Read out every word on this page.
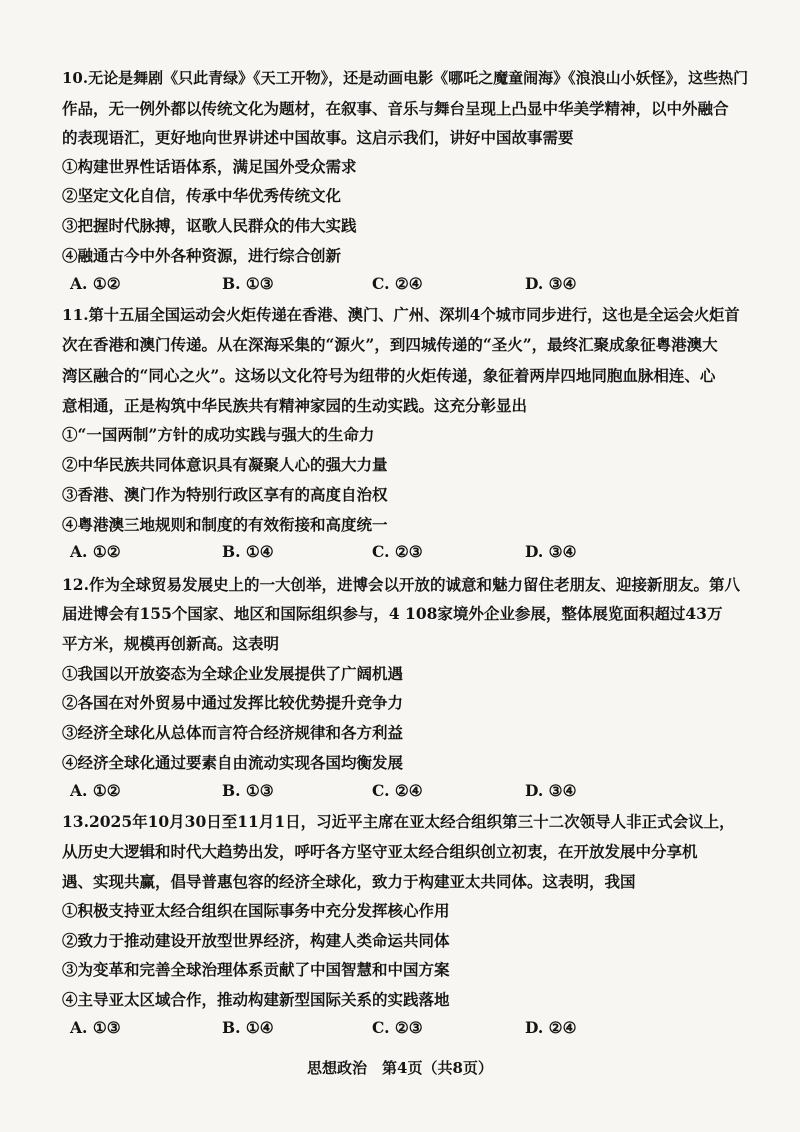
10.无论是舞剧《只此青绿》《天工开物》，还是动画电影《哪吒之魔童闹海》《浪浪山小妖怪》，这些热门
作品，无一例外都以传统文化为题材，在叙事、音乐与舞台呈现上凸显中华美学精神，以中外融合
的表现语汇，更好地向世界讲述中国故事。这启示我们，讲好中国故事需要
①构建世界性话语体系，满足国外受众需求
②坚定文化自信，传承中华优秀传统文化
③把握时代脉搏，讴歌人民群众的伟大实践
④融通古今中外各种资源，进行综合创新
A. ①②	B. ①③	C. ②④	D. ③④
11.第十五届全国运动会火炬传递在香港、澳门、广州、深圳4个城市同步进行，这也是全运会火炬首
次在香港和澳门传递。从在深海采集的“源火”，到四城传递的“圣火”，最终汇聚成象征粤港澳大
湾区融合的“同心之火”。这场以文化符号为纽带的火炬传递，象征着两岸四地同胞血脉相连、心
意相通，正是构筑中华民族共有精神家园的生动实践。这充分彰显出
①“一国两制”方针的成功实践与强大的生命力
②中华民族共同体意识具有凝聚人心的强大力量
③香港、澳门作为特别行政区享有的高度自治权
④粤港澳三地规则和制度的有效衔接和高度统一
A. ①②	B. ①④	C. ②③	D. ③④
12.作为全球贸易发展史上的一大创举，进博会以开放的诚意和魅力留住老朋友、迎接新朋友。第八
届进博会有155个国家、地区和国际组织参与，4 108家境外企业参展，整体展览面积超过43万
平方米，规模再创新高。这表明
①我国以开放姿态为全球企业发展提供了广阔机遇
②各国在对外贸易中通过发挥比较优势提升竞争力
③经济全球化从总体而言符合经济规律和各方利益
④经济全球化通过要素自由流动实现各国均衡发展
A. ①②	B. ①③	C. ②④	D. ③④
13.2025年10月30日至11月1日，习近平主席在亚太经合组织第三十二次领导人非正式会议上，
从历史大逻辑和时代大趋势出发，呼吁各方坚守亚太经合组织创立初衷，在开放发展中分享机
遇、实现共赢，倡导普惠包容的经济全球化，致力于构建亚太共同体。这表明，我国
①积极支持亚太经合组织在国际事务中充分发挥核心作用
②致力于推动建设开放型世界经济，构建人类命运共同体
③为变革和完善全球治理体系贡献了中国智慧和中国方案
④主导亚太区域合作，推动构建新型国际关系的实践落地
A. ①③	B. ①④	C. ②③	D. ②④
思想政治　第4页（共8页）
